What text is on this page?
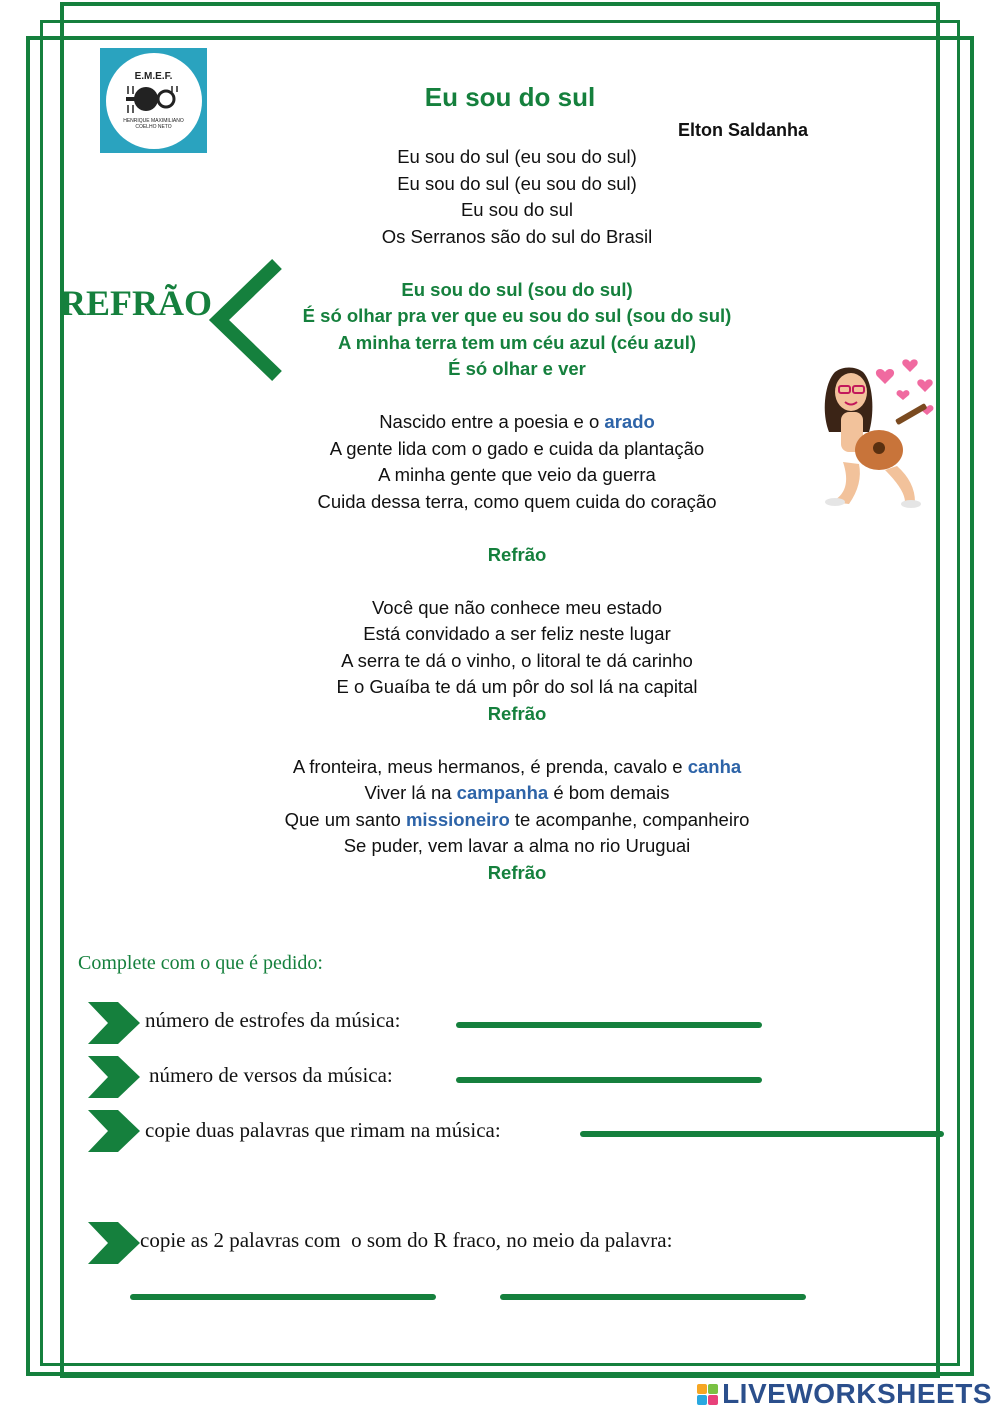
E.M.E.F.
HENRIQUE MAXIMILIANO COELHO NETO
Eu sou do sul
Elton Saldanha
REFRÃO
Eu sou do sul (eu sou do sul)
Eu sou do sul (eu sou do sul)
Eu sou do sul
Os Serranos são do sul do Brasil
Eu sou do sul (sou do sul)
É só olhar pra ver que eu sou do sul (sou do sul)
A minha terra tem um céu azul (céu azul)
É só olhar e ver
Nascido entre a poesia e o arado
A gente lida com o gado e cuida da plantação
A minha gente que veio da guerra
Cuida dessa terra, como quem cuida do coração
Refrão
Você que não conhece meu estado
Está convidado a ser feliz neste lugar
A serra te dá o vinho, o litoral te dá carinho
E o Guaíba te dá um pôr do sol lá na capital
Refrão
A fronteira, meus hermanos, é prenda, cavalo e canha
Viver lá na campanha é bom demais
Que um santo missioneiro te acompanhe, companheiro
Se puder, vem lavar a alma no rio Uruguai
Refrão
Complete com o que é pedido:
número de estrofes da música:
número de versos da música:
copie duas palavras que rimam na música:
copie as 2 palavras com  o som do R fraco, no meio da palavra:
LIVEWORKSHEETS
